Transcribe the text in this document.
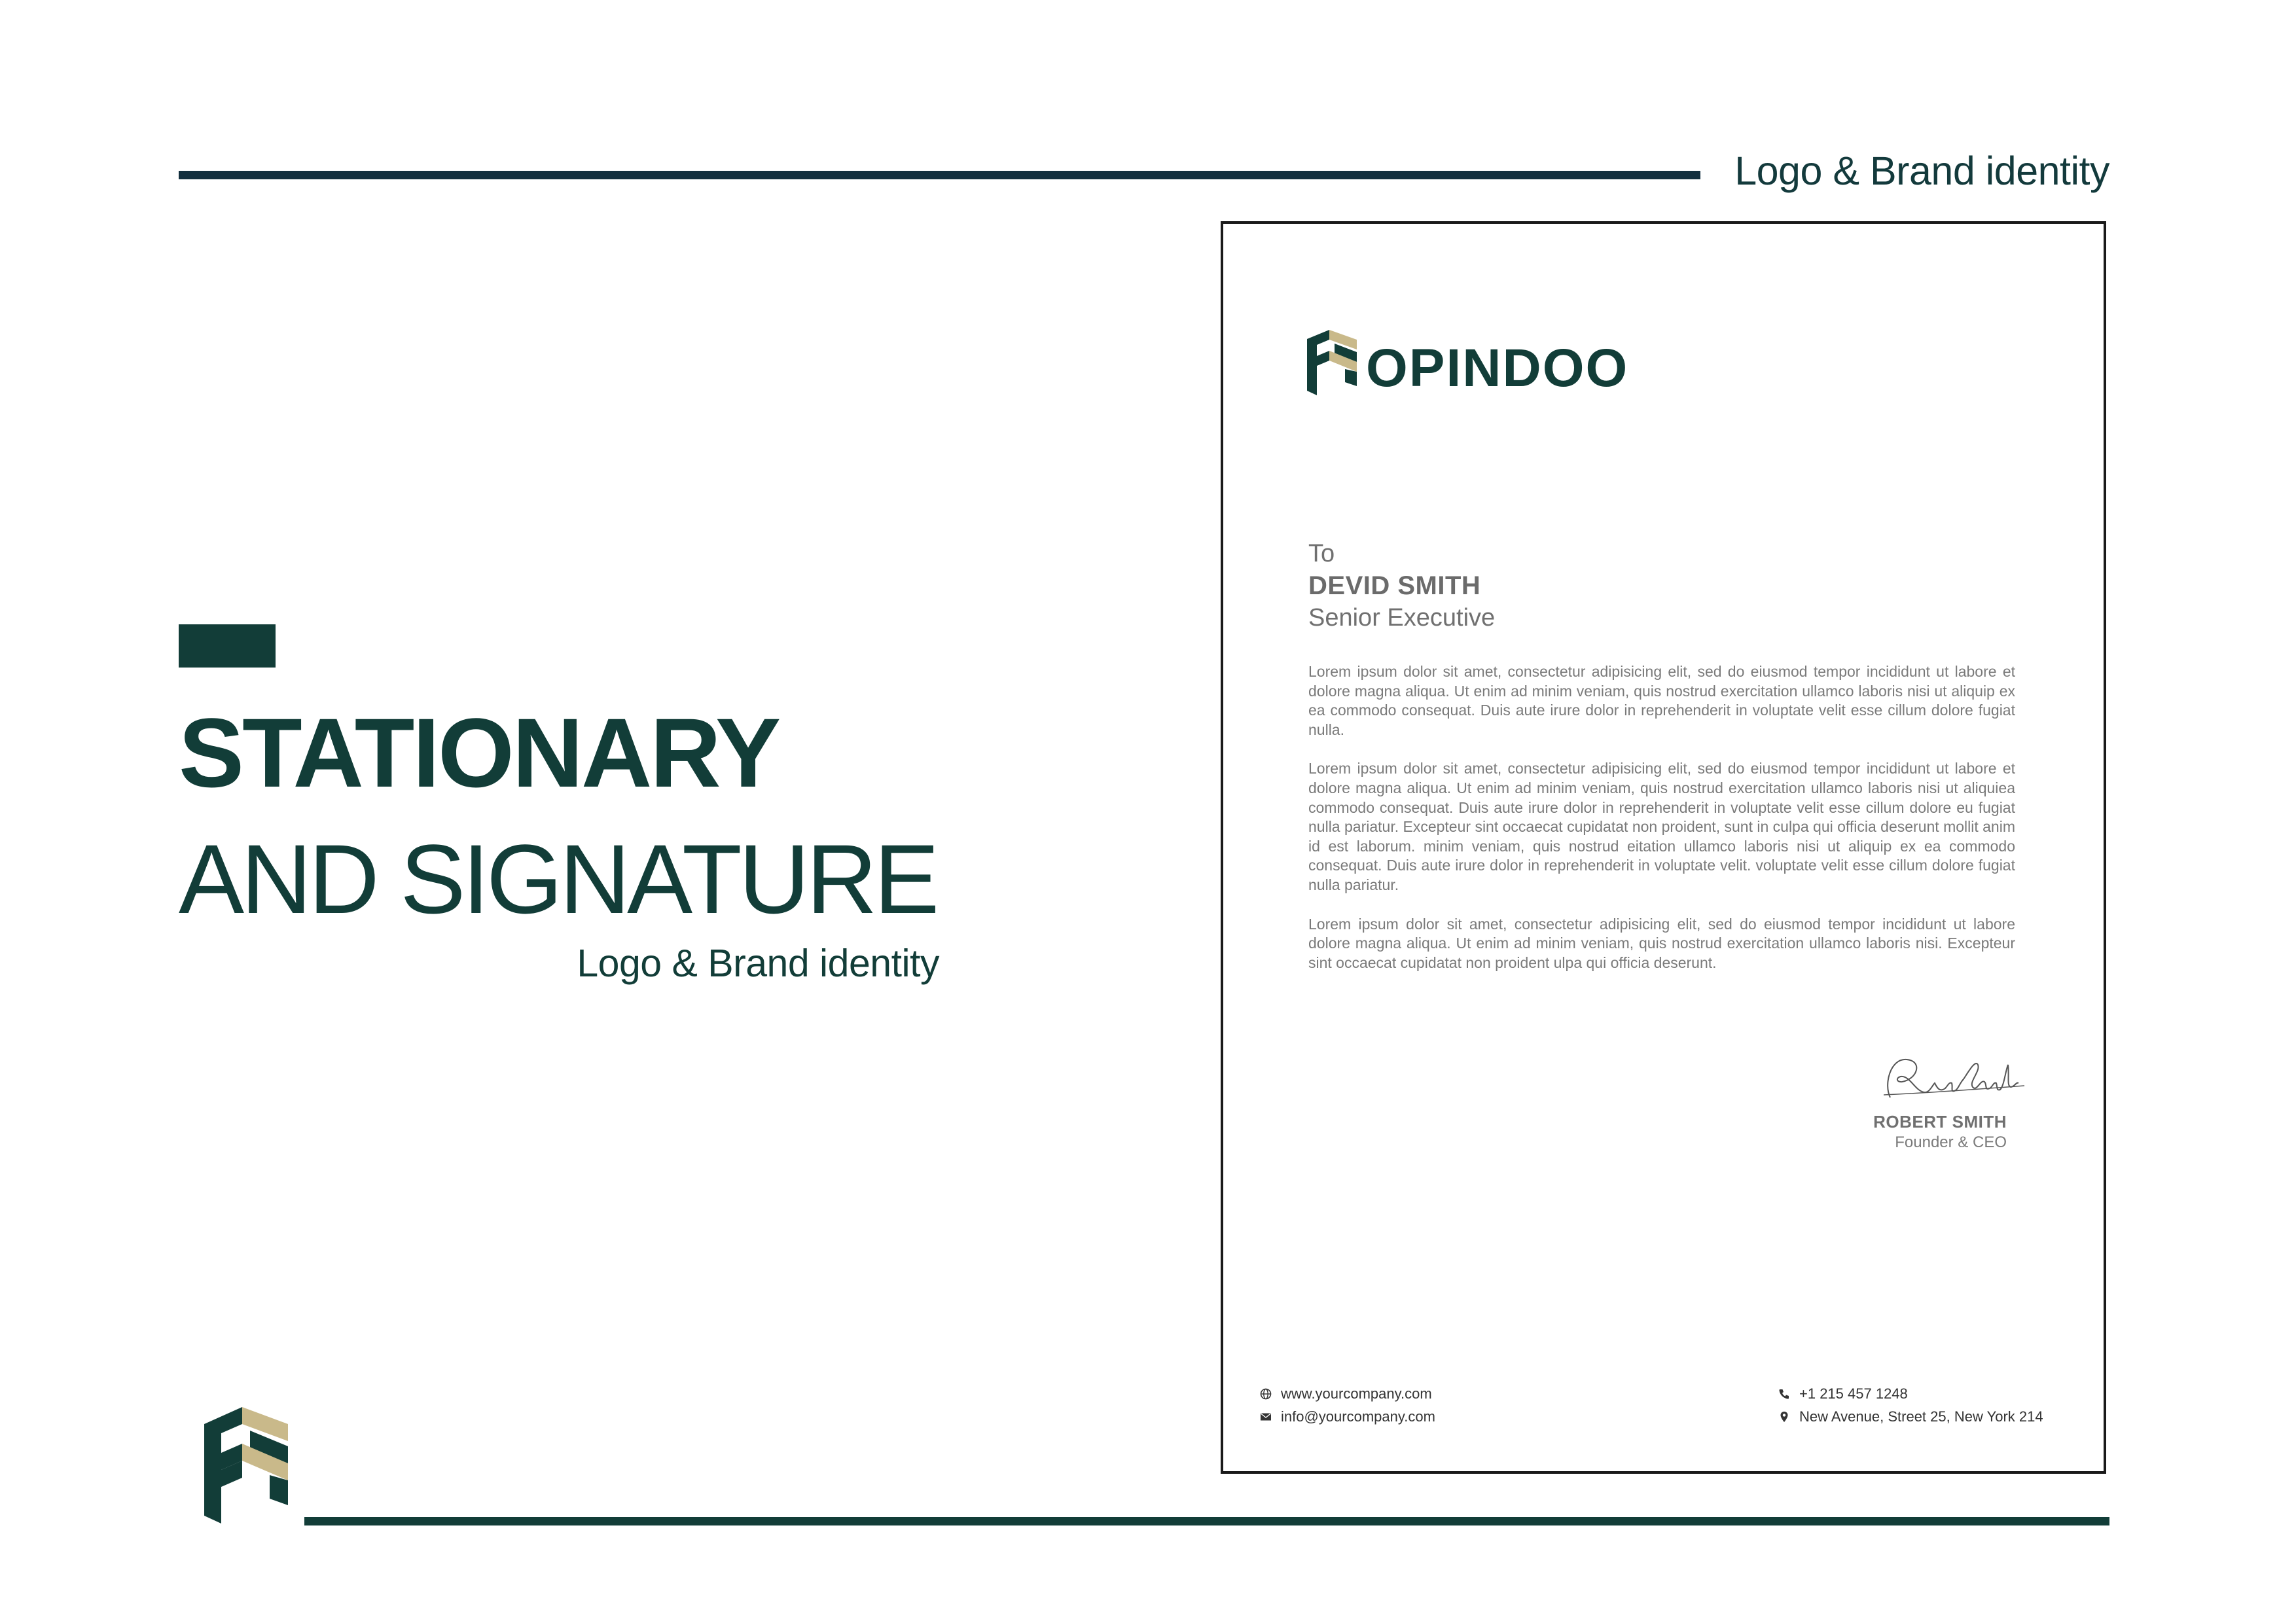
Logo & Brand identity
STATIONARY
AND SIGNATURE
Logo & Brand identity
OPINDOO
To
DEVID SMITH
Senior Executive

Lorem ipsum dolor sit amet, consectetur adipisicing elit, sed do eiusmod tempor incididunt ut labore et dolore magna aliqua. Ut enim ad minim veniam, quis nostrud exercitation ullamco laboris nisi ut aliquip ex ea commodo consequat. Duis aute irure dolor in reprehenderit in voluptate velit esse cillum dolore fugiat nulla.

Lorem ipsum dolor sit amet, consectetur adipisicing elit, sed do eiusmod tempor incididunt ut labore et dolore magna aliqua. Ut enim ad minim veniam, quis nostrud exercitation ullamco laboris nisi ut aliquiea commodo consequat. Duis aute irure dolor in reprehenderit in voluptate velit esse cillum dolore eu fugiat nulla pariatur. Excepteur sint occaecat cupidatat non proident, sunt in culpa qui officia deserunt mollit anim id est laborum. minim veniam, quis nostrud eitation ullamco laboris nisi ut aliquip ex ea commodo consequat. Duis aute irure dolor in reprehenderit in voluptate velit. voluptate velit esse cillum dolore fugiat nulla pariatur.

Lorem ipsum dolor sit amet, consectetur adipisicing elit, sed do eiusmod tempor incididunt ut labore dolore magna aliqua. Ut enim ad minim veniam, quis nostrud exercitation ullamco laboris nisi. Excepteur sint occaecat cupidatat non proident ulpa qui officia deserunt.

ROBERT SMITH
Founder & CEO
www.yourcompany.com
info@yourcompany.com
+1 215 457 1248
New Avenue, Street 25, New York 214
